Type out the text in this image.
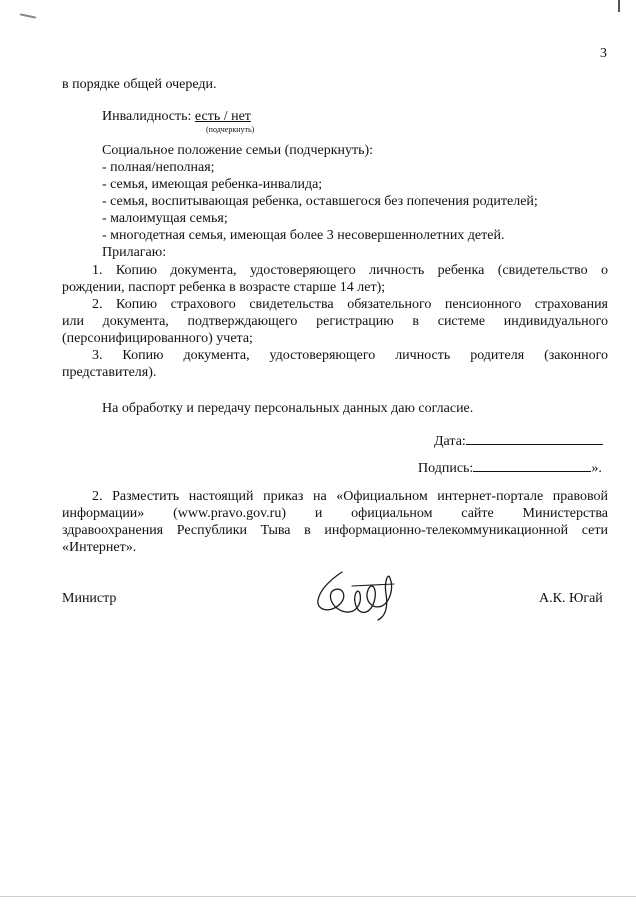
3
в порядке общей очереди.
Инвалидность: есть / нет
(подчеркнуть)
Социальное положение семьи (подчеркнуть):
- полная/неполная;
- семья, имеющая ребенка-инвалида;
- семья, воспитывающая ребенка, оставшегося без попечения родителей;
- малоимущая семья;
- многодетная семья, имеющая более 3 несовершеннолетних детей.
Прилагаю:
1. Копию документа, удостоверяющего личность ребенка (свидетельство о
рождении, паспорт ребенка в возрасте старше 14 лет);
2. Копию страхового свидетельства обязательного пенсионного страхования
или документа, подтверждающего регистрацию в системе индивидуального
(персонифицированного) учета;
3. Копию документа, удостоверяющего личность родителя (законного
представителя).
На обработку и передачу персональных данных даю согласие.
Дата:
Подпись:	».
2. Разместить настоящий приказ на «Официальном интернет-портале правовой
информации» (www.pravo.gov.ru) и официальном сайте Министерства
здравоохранения Республики Тыва в информационно-телекоммуникационной сети
«Интернет».
Министр	А.К. Югай
